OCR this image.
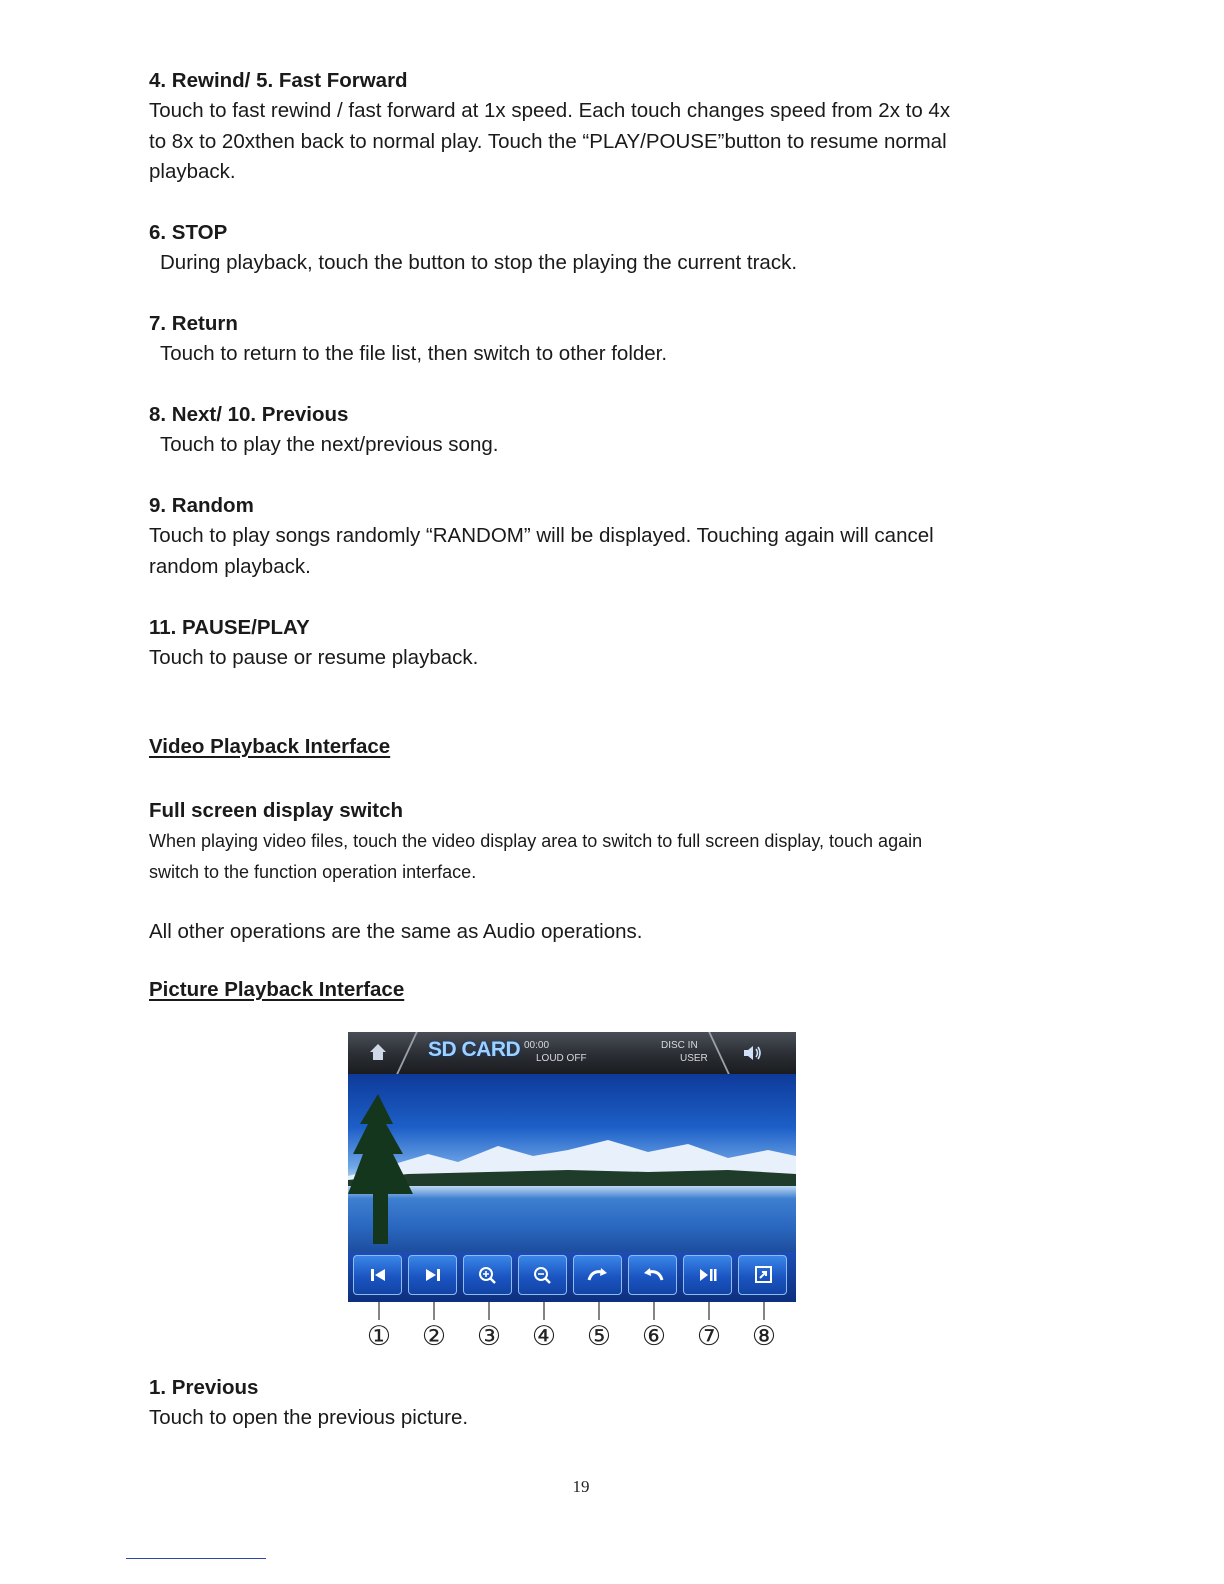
4. Rewind/ 5. Fast Forward

Touch to fast rewind / fast forward at 1x speed. Each touch changes speed from 2x to 4x

to 8x to 20xthen back to normal play. Touch the “PLAY/POUSE”button to resume normal

playback.

6. STOP

During playback, touch the button to stop the playing the current track.

7. Return

Touch to return to the file list, then switch to other folder.

8. Next/ 10. Previous

Touch to play the next/previous song.

9. Random

Touch to play songs randomly “RANDOM” will be displayed. Touching again will cancel

random playback.

11. PAUSE/PLAY

Touch to pause or resume playback.

Video Playback Interface

Full screen display switch

When playing video files, touch the video display area to switch to full screen display, touch again

switch to the function operation interface.

All other operations are the same as Audio operations.

Picture Playback Interface
SD CARD 00:00
LOUD OFF
DISC IN
USER
① ② ③ ④ ⑤ ⑥ ⑦ ⑧

1. Previous

Touch to open the previous picture.

19
